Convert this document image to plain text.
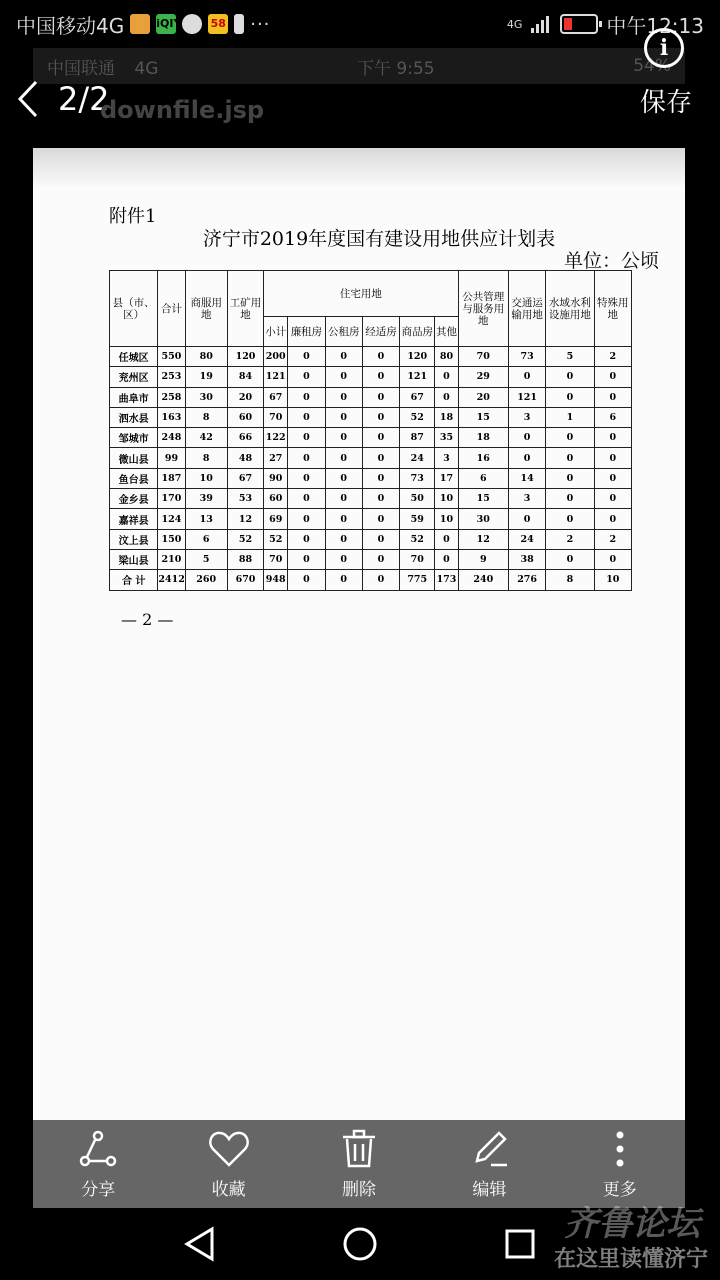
中国移动4G	iQIY	58 ···	4G	中午12:13
中国联通 4G	下午 9:55	54%
2/2
downfile.jsp	保存
i
附件1
济宁市2019年度国有建设用地供应计划表
单位：公顷
县（市、区）	合计	商服用地	工矿用地	住宅用地						公共管理与服务用地	交通运输用地	水域水利设施用地	特殊用地
				小计	廉租房	公租房	经适房	商品房	其他				
任城区	550	80	120	200	0	0	0	120	80	70	73	5	2
兖州区	253	19	84	121	0	0	0	121	0	29	0	0	0
曲阜市	258	30	20	67	0	0	0	67	0	20	121	0	0
泗水县	163	8	60	70	0	0	0	52	18	15	3	1	6
邹城市	248	42	66	122	0	0	0	87	35	18	0	0	0
微山县	99	8	48	27	0	0	0	24	3	16	0	0	0
鱼台县	187	10	67	90	0	0	0	73	17	6	14	0	0
金乡县	170	39	53	60	0	0	0	50	10	15	3	0	0
嘉祥县	124	13	12	69	0	0	0	59	10	30	0	0	0
汶上县	150	6	52	52	0	0	0	52	0	12	24	2	2
梁山县	210	5	88	70	0	0	0	70	0	9	38	0	0
合 计	2412	260	670	948	0	0	0	775	173	240	276	8	10
— 2 —
分享	收藏	删除	编辑	更多
齐鲁论坛
在这里读懂济宁
